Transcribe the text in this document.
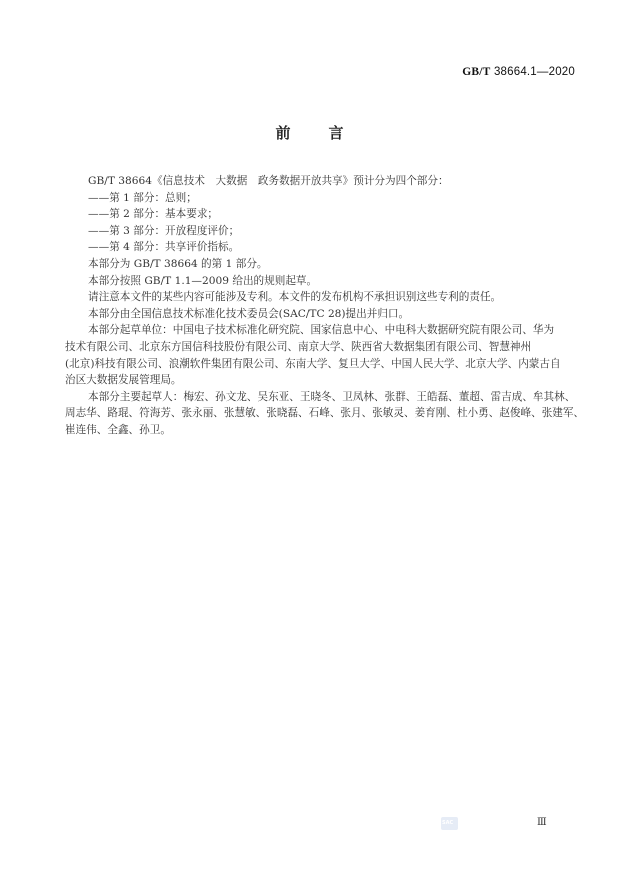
GB/T 38664.1—2020
前	言
GB/T 38664《信息技术　大数据　政务数据开放共享》预计分为四个部分：
——第 1 部分：总则；
——第 2 部分：基本要求；
——第 3 部分：开放程度评价；
——第 4 部分：共享评价指标。
本部分为 GB/T 38664 的第 1 部分。
本部分按照 GB/T 1.1—2009 给出的规则起草。
请注意本文件的某些内容可能涉及专利。本文件的发布机构不承担识别这些专利的责任。
本部分由全国信息技术标准化技术委员会(SAC/TC 28)提出并归口。
本部分起草单位：中国电子技术标准化研究院、国家信息中心、中电科大数据研究院有限公司、华为
技术有限公司、北京东方国信科技股份有限公司、南京大学、陕西省大数据集团有限公司、智慧神州
(北京)科技有限公司、浪潮软件集团有限公司、东南大学、复旦大学、中国人民大学、北京大学、内蒙古自
治区大数据发展管理局。
本部分主要起草人：梅宏、孙文龙、吴东亚、王晓冬、卫凤林、张群、王皓磊、董超、雷吉成、牟其林、
周志华、路琨、符海芳、张永丽、张慧敏、张晓磊、石峰、张月、张敏灵、姜育刚、杜小勇、赵俊峰、张建军、
崔连伟、全鑫、孙卫。
SAC	Ⅲ
